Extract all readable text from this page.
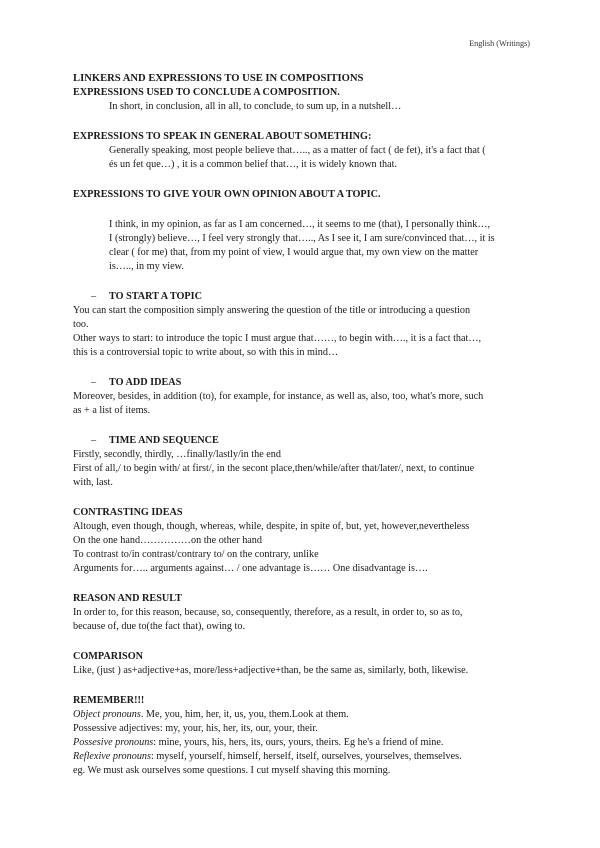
English (Writings)
LINKERS AND EXPRESSIONS TO USE IN COMPOSITIONS
EXPRESSIONS USED TO CONCLUDE A COMPOSITION.
In short, in conclusion, all in all, to conclude, to sum up, in a nutshell…
EXPRESSIONS TO SPEAK IN GENERAL ABOUT SOMETHING:
Generally speaking, most people believe that….., as a matter of fact ( de fet), it's a fact that (
és un fet que…) , it is a common belief that…, it is widely known that.
EXPRESSIONS TO GIVE YOUR OWN OPINION ABOUT A TOPIC.
I think, in my opinion, as far as I am concerned…, it seems to me (that), I personally think…,
I (strongly) believe…, I feel very strongly that….., As I see it, I am sure/convinced that…, it is
clear ( for me) that, from my point of view, I would argue that, my own view on the matter
is….., in my view.
– TO START A TOPIC
You can start the composition simply answering the question of the title or introducing a question
too.
Other ways to start: to introduce the topic I must argue that……, to begin with…., it is a fact that…,
this is a controversial topic to write about, so with this in mind…
– TO ADD IDEAS
Moreover, besides, in addition (to), for example, for instance, as well as, also, too, what's more, such
as + a list of items.
– TIME AND SEQUENCE
Firstly, secondly, thirdly, …finally/lastly/in the end
First of all,/ to begin with/ at first/, in the secont place,then/while/after that/later/, next, to continue
with, last.
CONTRASTING IDEAS
Altough, even though, though, whereas, while, despite, in spite of, but, yet, however,nevertheless
On the one hand……………on the other hand
To contrast to/in contrast/contrary to/ on the contrary, unlike
Arguments for….. arguments against… / one advantage is…… One disadvantage is….
REASON AND RESULT
In order to, for this reason, because, so, consequently, therefore, as a result, in order to, so as to,
because of, due to(the fact that), owing to.
COMPARISON
Like, (just ) as+adjective+as, more/less+adjective+than, be the same as, similarly, both, likewise.
REMEMBER!!!
Object pronouns. Me, you, him, her, it, us, you, them.Look at them.
Possessive adjectives: my, your, his, her, its, our, your, their.
Possesive pronouns: mine, yours, his, hers, its, ours, yours, theirs. Eg he's a friend of mine.
Reflexive pronouns: myself, yourself, himself, herself, itself, ourselves, yourselves, themselves.
eg. We must ask ourselves some questions. I cut myself shaving this morning.
